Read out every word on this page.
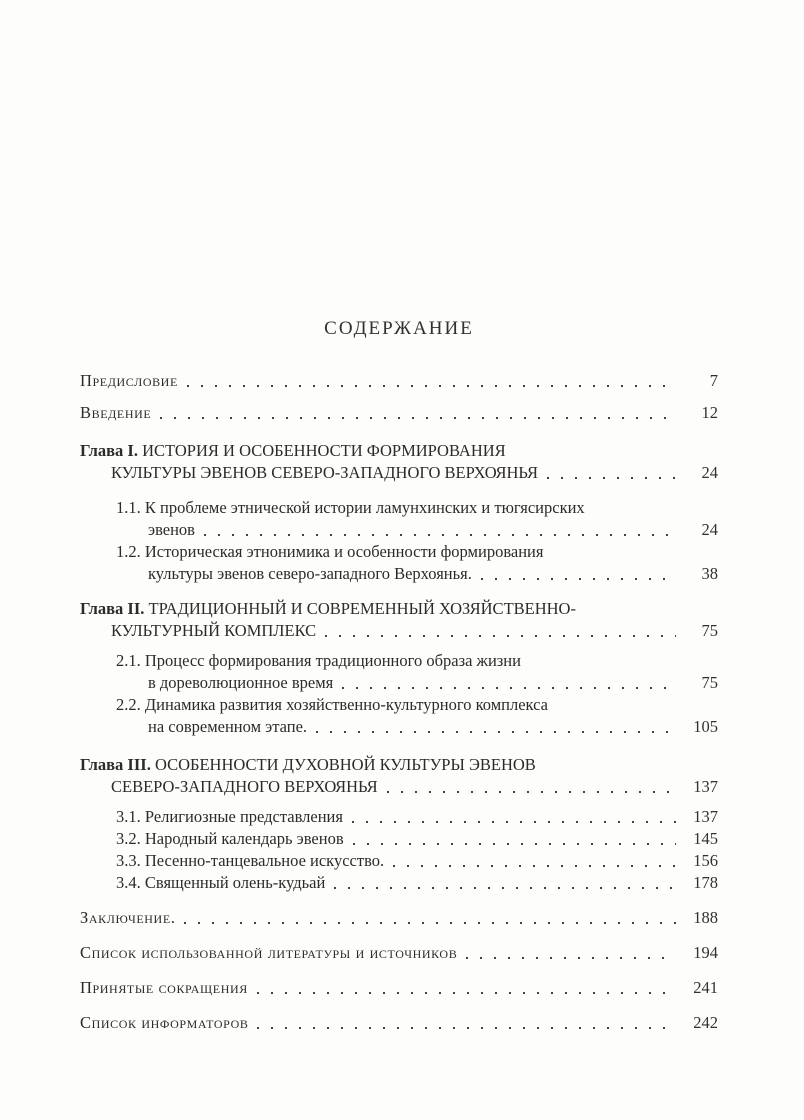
СОДЕРЖАНИЕ
Предисловие	7
Введение	12
Глава I. ИСТОРИЯ И ОСОБЕННОСТИ ФОРМИРОВАНИЯ
КУЛЬТУРЫ ЭВЕНОВ СЕВЕРО-ЗАПАДНОГО ВЕРХОЯНЬЯ	24
1.1. К проблеме этнической истории ламунхинских и тюгясирских
эвенов	24
1.2. Историческая этнонимика и особенности формирования
культуры эвенов северо-западного Верхоянья.	38
Глава II. ТРАДИЦИОННЫЙ И СОВРЕМЕННЫЙ ХОЗЯЙСТВЕННО-
КУЛЬТУРНЫЙ КОМПЛЕКС	75
2.1. Процесс формирования традиционного образа жизни
в дореволюционное время	75
2.2. Динамика развития хозяйственно-культурного комплекса
на современном этапе.	105
Глава III. ОСОБЕННОСТИ ДУХОВНОЙ КУЛЬТУРЫ ЭВЕНОВ
СЕВЕРО-ЗАПАДНОГО ВЕРХОЯНЬЯ	137
3.1. Религиозные представления	137
3.2. Народный календарь эвенов	145
3.3. Песенно-танцевальное искусство.	156
3.4. Священный олень-кудьай	178
Заключение.	188
Список использованной литературы и источников	194
Принятые сокращения	241
Список информаторов	242
